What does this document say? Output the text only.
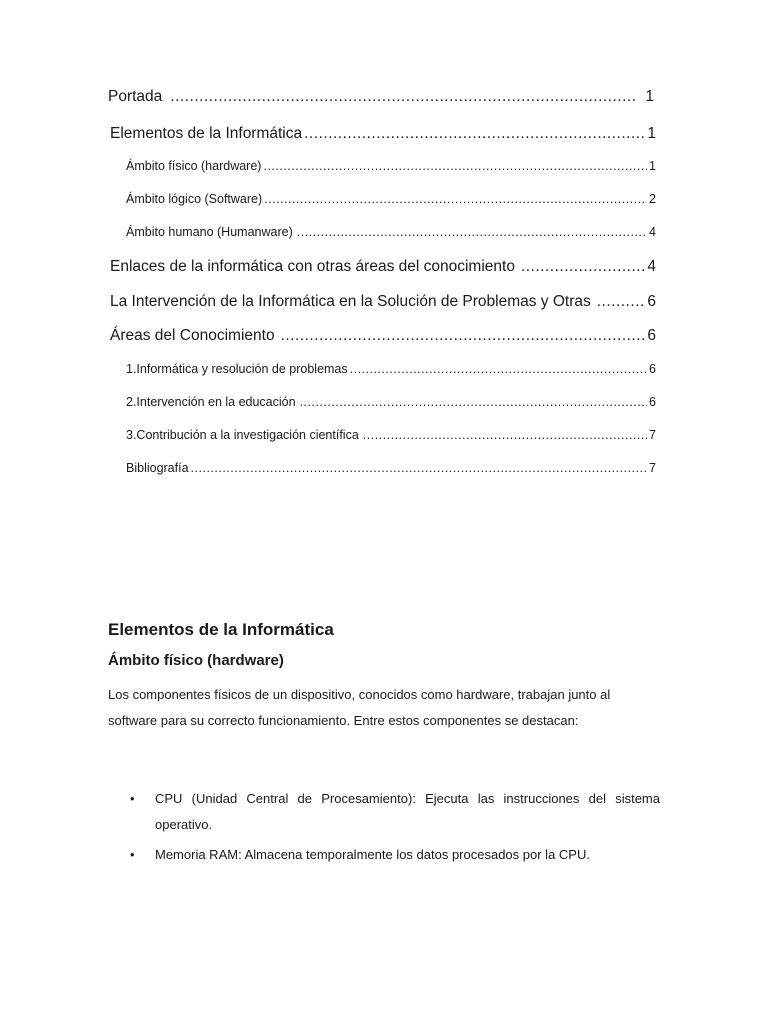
Portada .....	1
Elementos de la Informática .....	1
Ámbito físico (hardware) .....	1
Ámbito lógico (Software) .....	2
Ámbito humano (Humanware) .....	4
Enlaces de la informática con otras áreas del conocimiento .....	4
La Intervención de la Informática en la Solución de Problemas y Otras .....	6
Áreas del Conocimiento .....	6
1.Informática y resolución de problemas .....	6
2.Intervención en la educación .....	6
3.Contribución a la investigación científica .....	7
Bibliografía .....	7
Elementos de la Informática
Ámbito físico (hardware)

Los componentes físicos de un dispositivo, conocidos como hardware, trabajan junto al software para su correcto funcionamiento. Entre estos componentes se destacan:

• CPU (Unidad Central de Procesamiento): Ejecuta las instrucciones del sistema operativo.
• Memoria RAM: Almacena temporalmente los datos procesados por la CPU.
